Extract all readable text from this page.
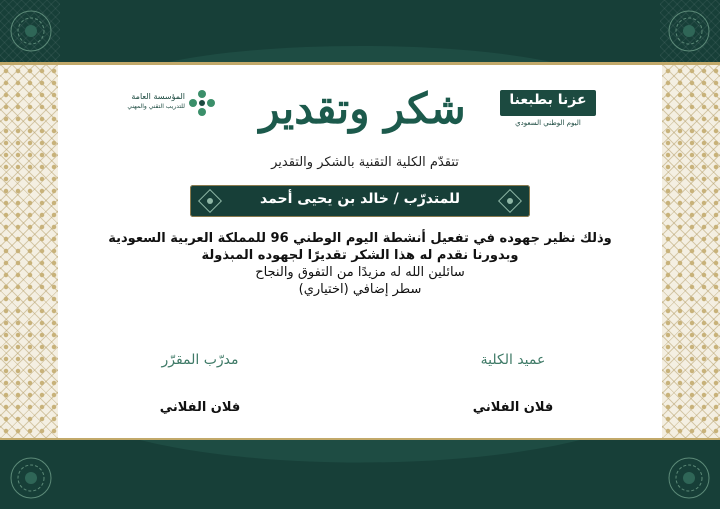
عزنا بطبعنا
اليوم الوطني السعودي
المؤسسة العامة
للتدريب التقني والمهني	شكر وتقدير
تتقدّم الكلية التقنية بالشكر والتقدير
للمتدرّب / خالد بن يحيى أحمد
وذلك نظير جهوده في تفعيل أنشطة اليوم الوطني 96 للمملكة العربية السعودية
وبدورنا نقدم له هذا الشكر تقديرًا لجهوده المبذولة
سائلين الله له مزيدًا من التفوق والنجاح
سطر إضافي (اختياري)
عميد الكلية
فلان الفلاني
مدرّب المقرّر
فلان الفلاني
